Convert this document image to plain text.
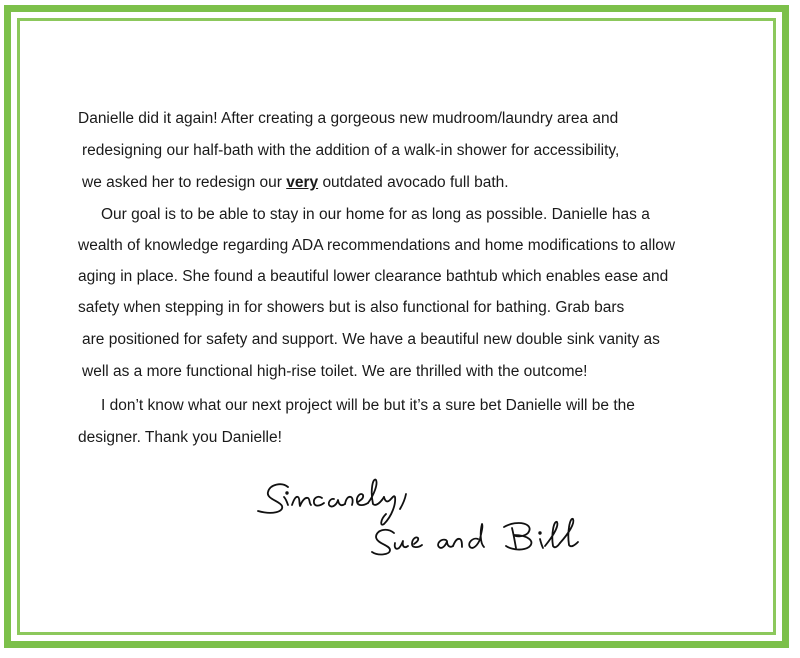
Danielle did it again! After creating a gorgeous new mudroom/laundry area and

redesigning our half-bath with the addition of a walk-in shower for accessibility,

we asked her to redesign our very outdated avocado full bath.

Our goal is to be able to stay in our home for as long as possible. Danielle has a

wealth of knowledge regarding ADA recommendations and home modifications to allow

aging in place. She found a beautiful lower clearance bathtub which enables ease and

safety when stepping in for showers but is also functional for bathing. Grab bars

are positioned for safety and support. We have a beautiful new double sink vanity as

well as a more functional high-rise toilet. We are thrilled with the outcome!

I don’t know what our next project will be but it’s a sure bet Danielle will be the

designer. Thank you Danielle!
